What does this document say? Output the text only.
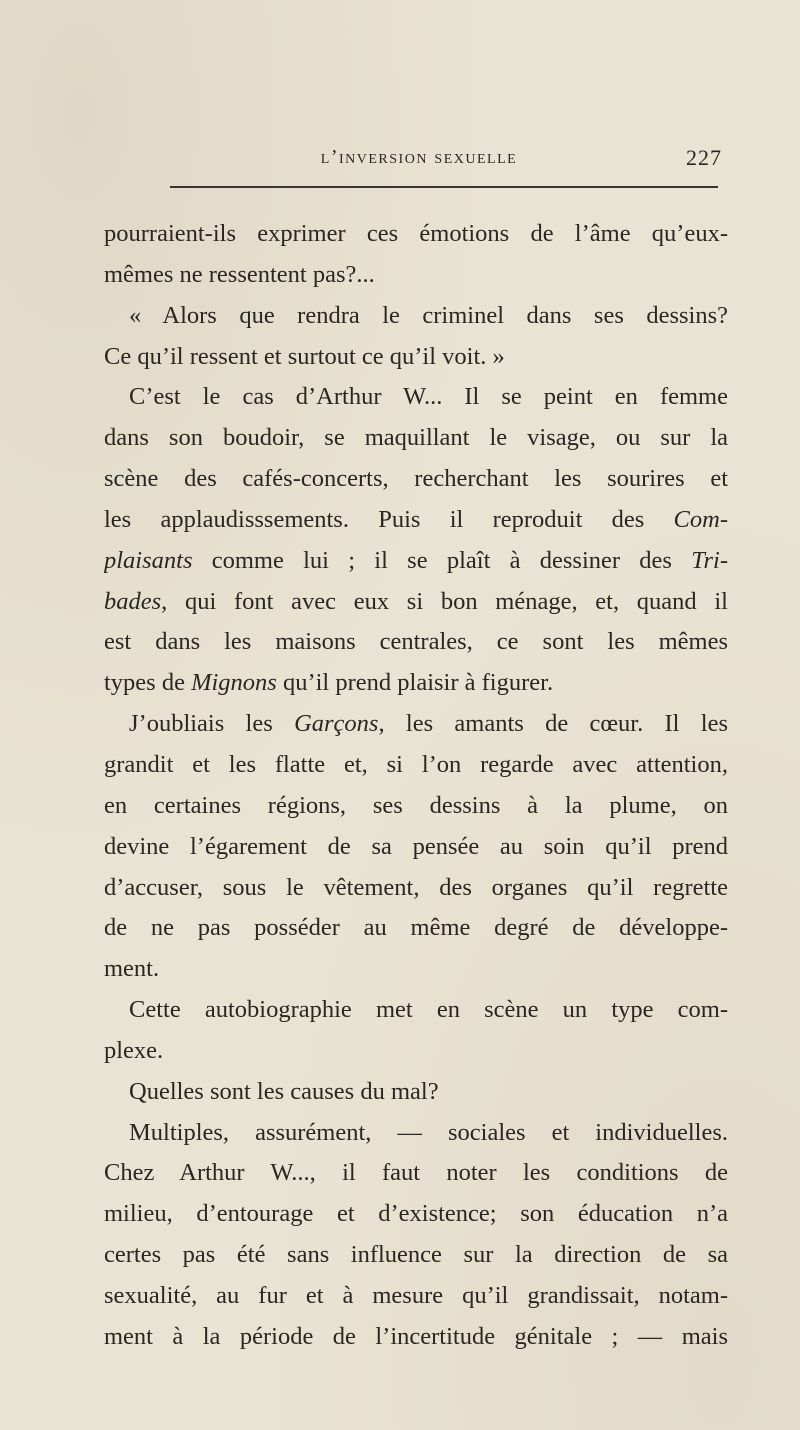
l’inversion sexuelle	227
pourraient-ils exprimer ces émotions de l’âme qu’eux-
mêmes ne ressentent pas?...
« Alors que rendra le criminel dans ses dessins?
Ce qu’il ressent et surtout ce qu’il voit. »
C’est le cas d’Arthur W... Il se peint en femme
dans son boudoir, se maquillant le visage, ou sur la
scène des cafés-concerts, recherchant les sourires et
les applaudisssements. Puis il reproduit des Com-
plaisants comme lui ; il se plaît à dessiner des Tri-
bades, qui font avec eux si bon ménage, et, quand il
est dans les maisons centrales, ce sont les mêmes
types de Mignons qu’il prend plaisir à figurer.
J’oubliais les Garçons, les amants de cœur. Il les
grandit et les flatte et, si l’on regarde avec attention,
en certaines régions, ses dessins à la plume, on
devine l’égarement de sa pensée au soin qu’il prend
d’accuser, sous le vêtement, des organes qu’il regrette
de ne pas posséder au même degré de développe-
ment.
Cette autobiographie met en scène un type com-
plexe.
Quelles sont les causes du mal?
Multiples, assurément, — sociales et individuelles.
Chez Arthur W..., il faut noter les conditions de
milieu, d’entourage et d’existence; son éducation n’a
certes pas été sans influence sur la direction de sa
sexualité, au fur et à mesure qu’il grandissait, notam-
ment à la période de l’incertitude génitale ; — mais
